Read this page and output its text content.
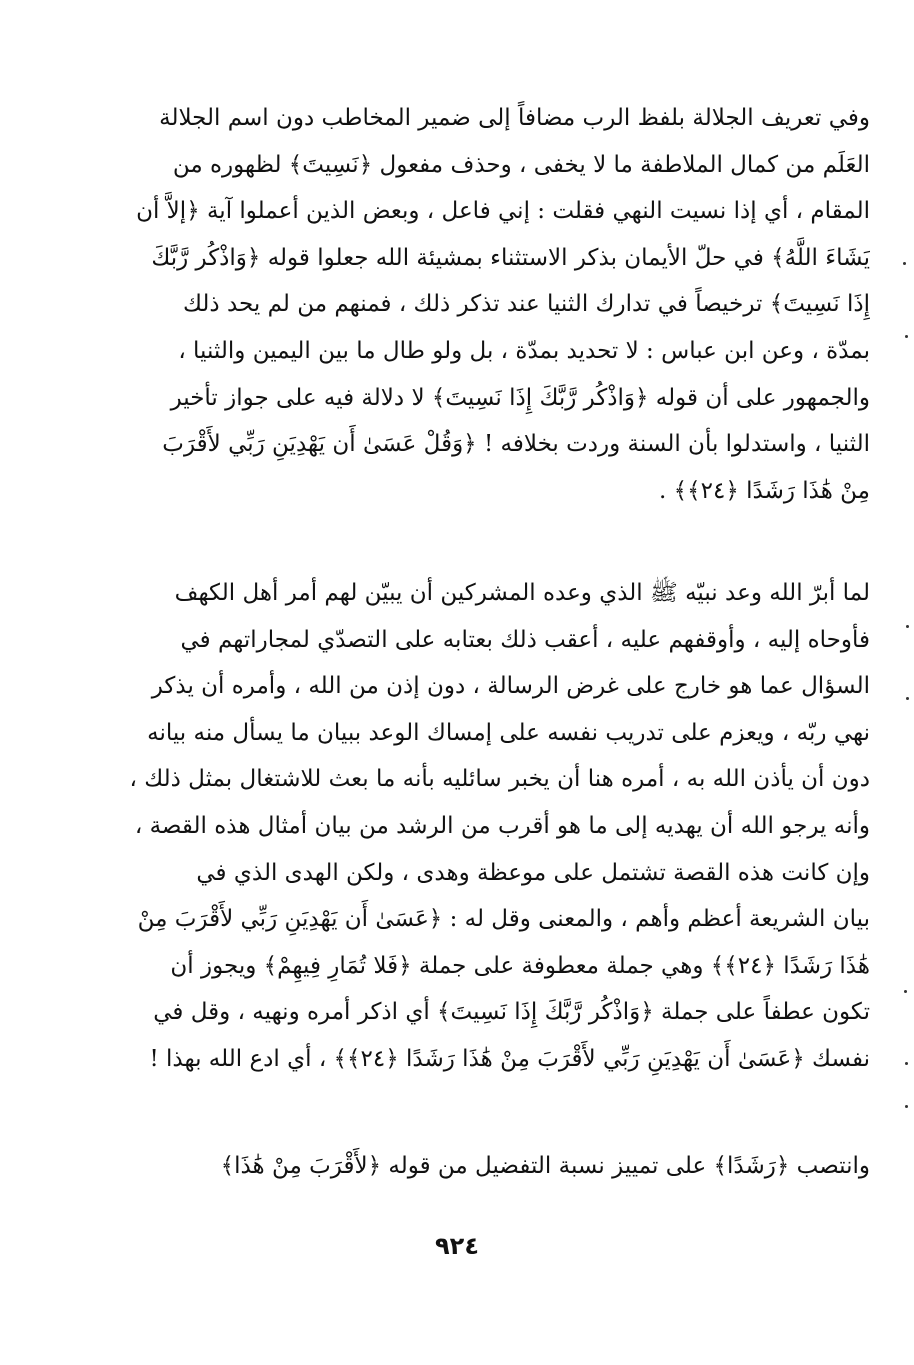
وفي تعريف الجلالة بلفظ الرب مضافاً إلى ضمير المخاطب دون اسم الجلالة
العَلَم من كمال الملاطفة ما لا يخفى ، وحذف مفعول ﴿نَسِيتَ﴾ لظهوره من
المقام ، أي إذا نسيت النهي فقلت : إني فاعل ، وبعض الذين أعملوا آية ﴿إلاَّ أن
يَشَاءَ اللَّهُ﴾ في حلّ الأيمان بذكر الاستثناء بمشيئة الله جعلوا قوله ﴿وَاذْكُر رَّبَّكَ
إِذَا نَسِيتَ﴾ ترخيصاً في تدارك الثنيا عند تذكر ذلك ، فمنهم من لم يحد ذلك
بمدّة ، وعن ابن عباس : لا تحديد بمدّة ، بل ولو طال ما بين اليمين والثنيا ،
والجمهور على أن قوله ﴿وَاذْكُر رَّبَّكَ إِذَا نَسِيتَ﴾ لا دلالة فيه على جواز تأخير
الثنيا ، واستدلوا بأن السنة وردت بخلافه ! ﴿وَقُلْ عَسَىٰ أَن يَهْدِيَنِ رَبِّي لأَقْرَبَ
مِنْ هَٰذَا رَشَدًا ﴿٢٤﴾﴾ .

لما أبرّ الله وعد نبيّه ﷺ الذي وعده المشركين أن يبيّن لهم أمر أهل الكهف
فأوحاه إليه ، وأوقفهم عليه ، أعقب ذلك بعتابه على التصدّي لمجاراتهم في
السؤال عما هو خارج على غرض الرسالة ، دون إذن من الله ، وأمره أن يذكر
نهي ربّه ، ويعزم على تدريب نفسه على إمساك الوعد ببيان ما يسأل منه بيانه
دون أن يأذن الله به ، أمره هنا أن يخبر سائليه بأنه ما بعث للاشتغال بمثل ذلك ،
وأنه يرجو الله أن يهديه إلى ما هو أقرب من الرشد من بيان أمثال هذه القصة ،
وإن كانت هذه القصة تشتمل على موعظة وهدى ، ولكن الهدى الذي في
بيان الشريعة أعظم وأهم ، والمعنى وقل له : ﴿عَسَىٰ أَن يَهْدِيَنِ رَبِّي لأَقْرَبَ مِنْ
هَٰذَا رَشَدًا ﴿٢٤﴾﴾ وهي جملة معطوفة على جملة ﴿فَلا تُمَارِ فِيهِمْ﴾ ويجوز أن
تكون عطفاً على جملة ﴿وَاذْكُر رَّبَّكَ إِذَا نَسِيتَ﴾ أي اذكر أمره ونهيه ، وقل في
نفسك ﴿عَسَىٰ أَن يَهْدِيَنِ رَبِّي لأَقْرَبَ مِنْ هَٰذَا رَشَدًا ﴿٢٤﴾﴾ ، أي ادع الله بهذا !

وانتصب ﴿رَشَدًا﴾ على تمييز نسبة التفضيل من قوله ﴿لأَقْرَبَ مِنْ هَٰذَا﴾

٩٢٤
